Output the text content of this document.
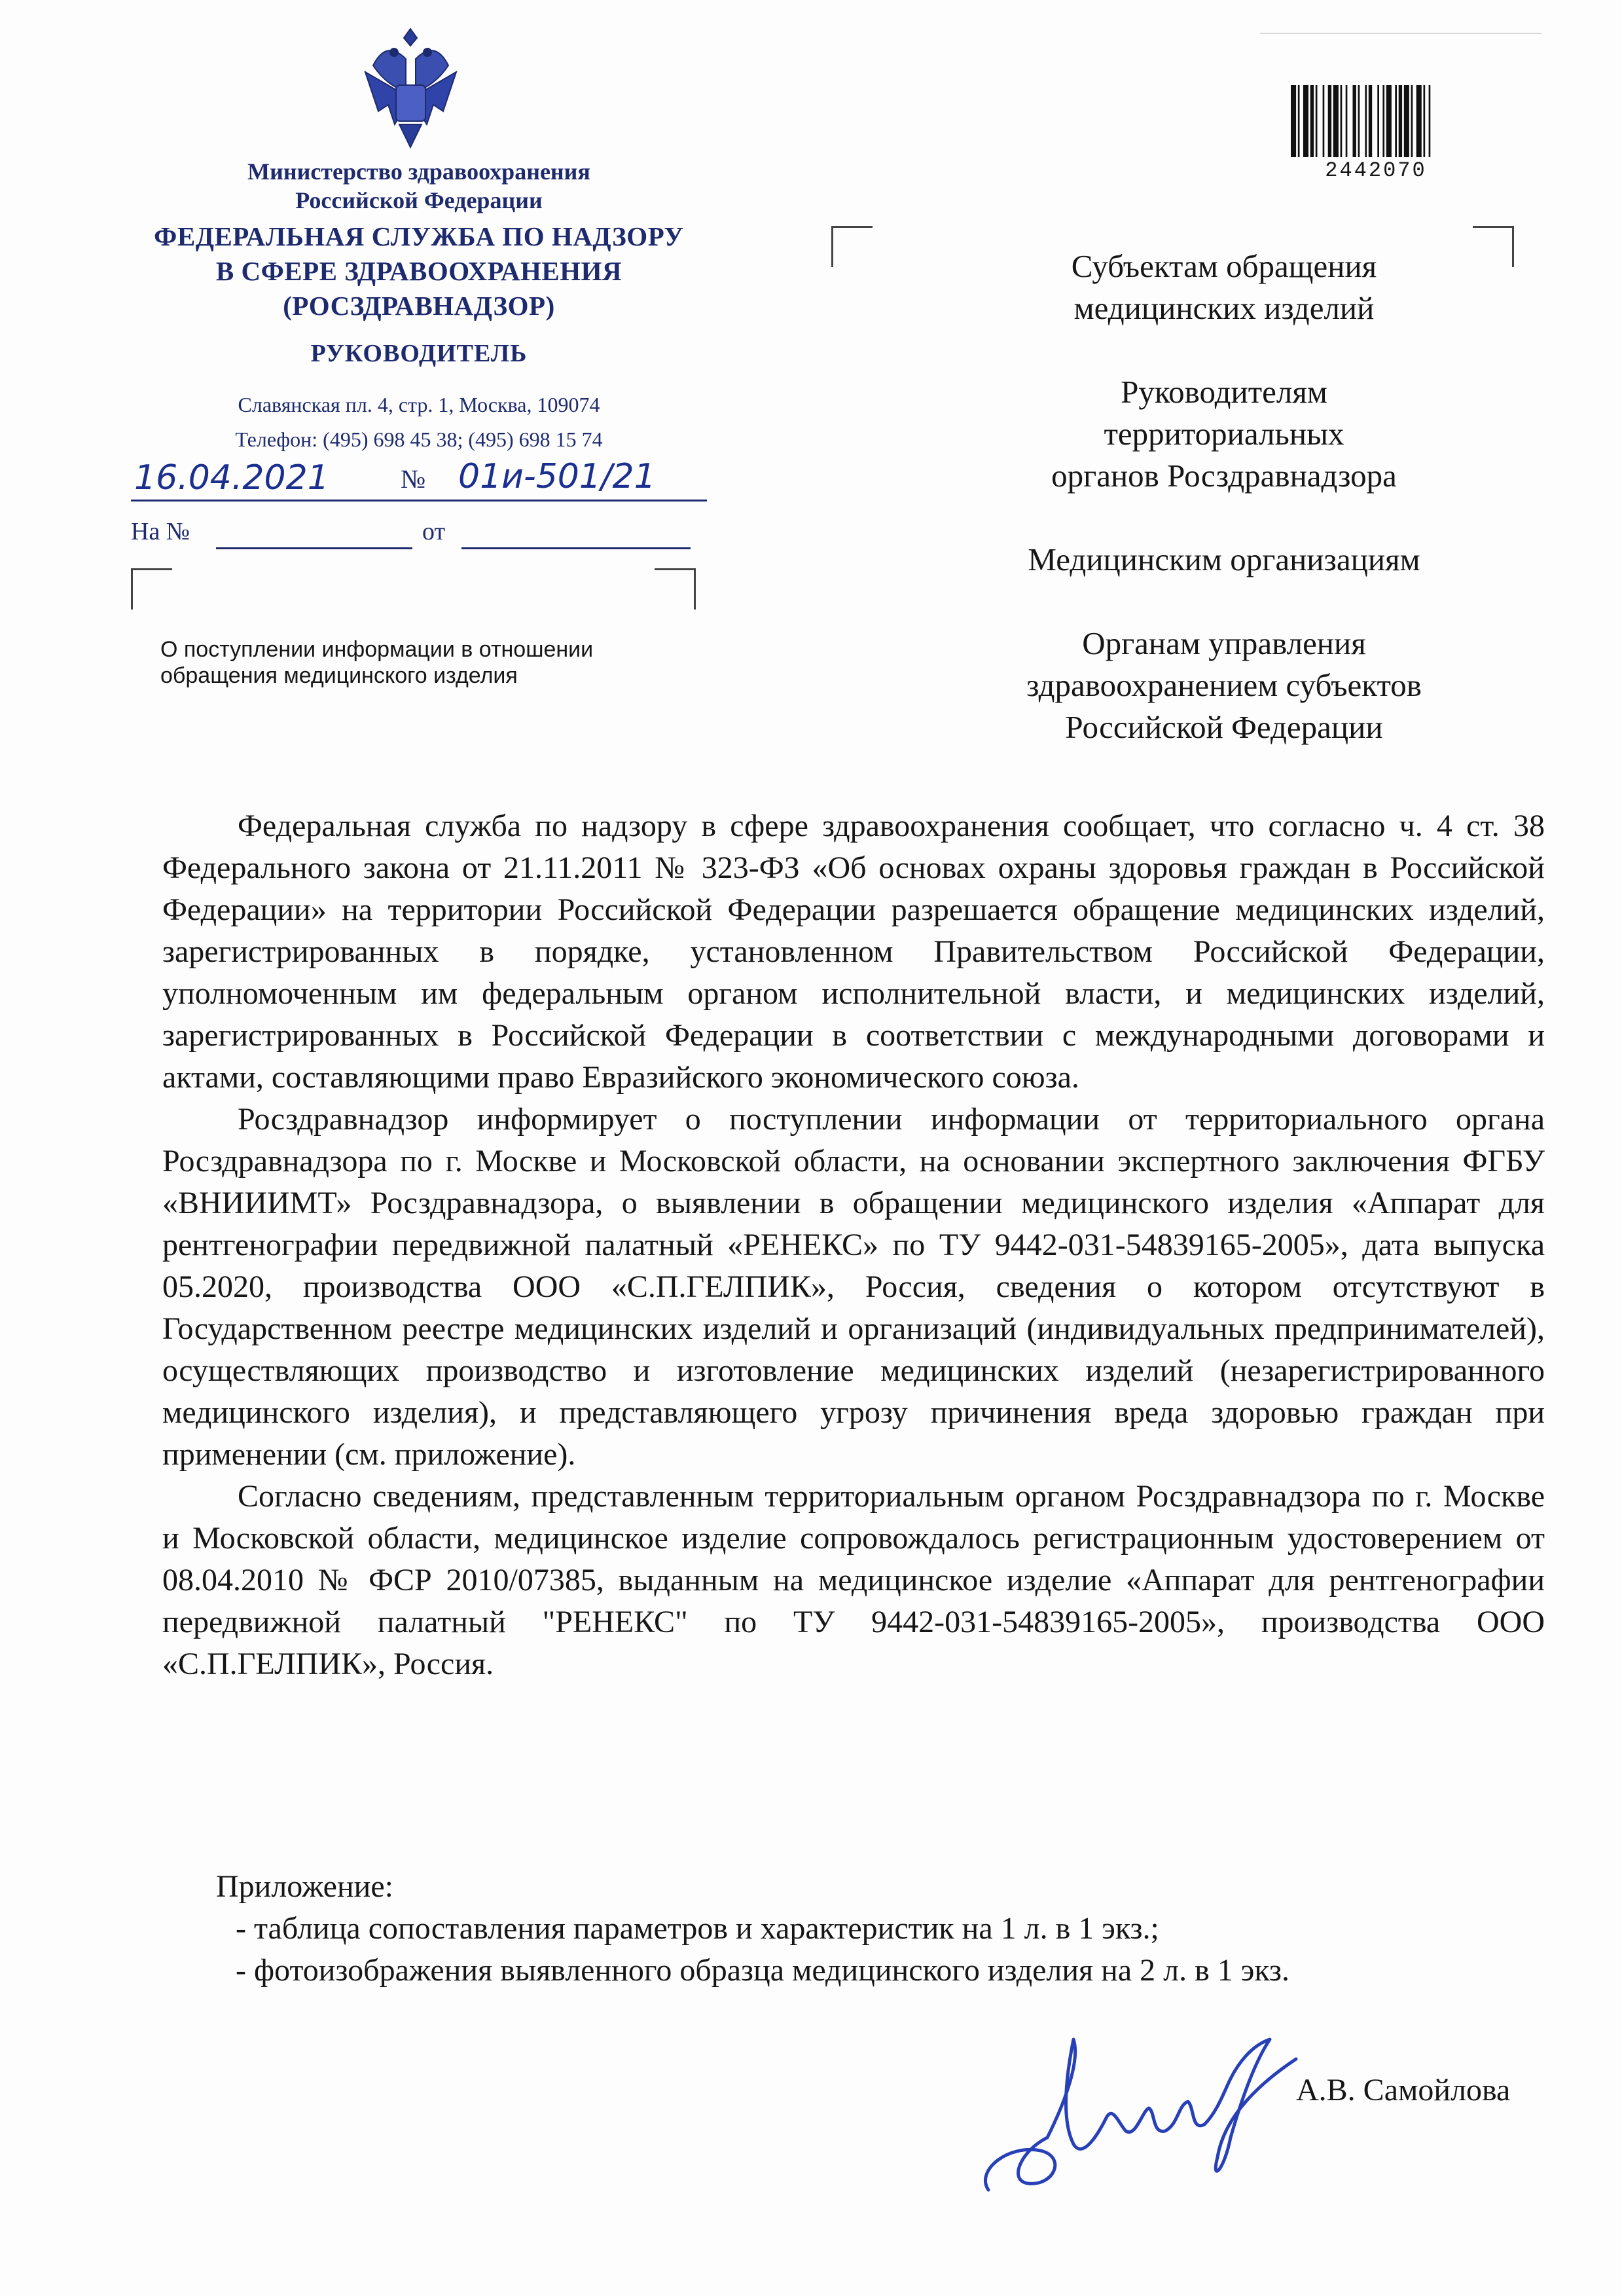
Министерство здравоохранения
Российской Федерации
ФЕДЕРАЛЬНАЯ СЛУЖБА ПО НАДЗОРУ
В СФЕРЕ ЗДРАВООХРАНЕНИЯ
(РОСЗДРАВНАДЗОР)
РУКОВОДИТЕЛЬ
Славянская пл. 4, стр. 1, Москва, 109074
Телефон: (495) 698 45 38; (495) 698 15 74
16.04.2021	№ 01и-501/21
На №	от
О поступлении информации в отношении
обращения медицинского изделия
2442070
Субъектам обращения
медицинских изделий
Руководителям
территориальных
органов Росздравнадзора
Медицинским организациям
Органам управления
здравоохранением субъектов
Российской Федерации

Федеральная служба по надзору в сфере здравоохранения сообщает, что согласно ч. 4 ст. 38 Федерального закона от 21.11.2011 № 323-ФЗ «Об основах охраны здоровья граждан в Российской Федерации» на территории Российской Федерации разрешается обращение медицинских изделий, зарегистрированных в порядке, установленном Правительством Российской Федерации, уполномоченным им федеральным органом исполнительной власти, и медицинских изделий, зарегистрированных в Российской Федерации в соответствии с международными договорами и актами, составляющими право Евразийского экономического союза.

Росздравнадзор информирует о поступлении информации от территориального органа Росздравнадзора по г. Москве и Московской области, на основании экспертного заключения ФГБУ «ВНИИИМТ» Росздравнадзора, о выявлении в обращении медицинского изделия «Аппарат для рентгенографии передвижной палатный «РЕНЕКС» по ТУ 9442-031-54839165-2005», дата выпуска 05.2020, производства ООО «С.П.ГЕЛПИК», Россия, сведения о котором отсутствуют в Государственном реестре медицинских изделий и организаций (индивидуальных предпринимателей), осуществляющих производство и изготовление медицинских изделий (незарегистрированного медицинского изделия), и представляющего угрозу причинения вреда здоровью граждан при применении (см. приложение).

Согласно сведениям, представленным территориальным органом Росздравнадзора по г. Москве и Московской области, медицинское изделие сопровождалось регистрационным удостоверением от 08.04.2010 № ФСР 2010/07385, выданным на медицинское изделие «Аппарат для рентгенографии передвижной палатный "РЕНЕКС" по ТУ 9442-031-54839165-2005», производства ООО «С.П.ГЕЛПИК», Россия.

Приложение:
- таблица сопоставления параметров и характеристик на 1 л. в 1 экз.;
- фотоизображения выявленного образца медицинского изделия на 2 л. в 1 экз.
А.В. Самойлова
